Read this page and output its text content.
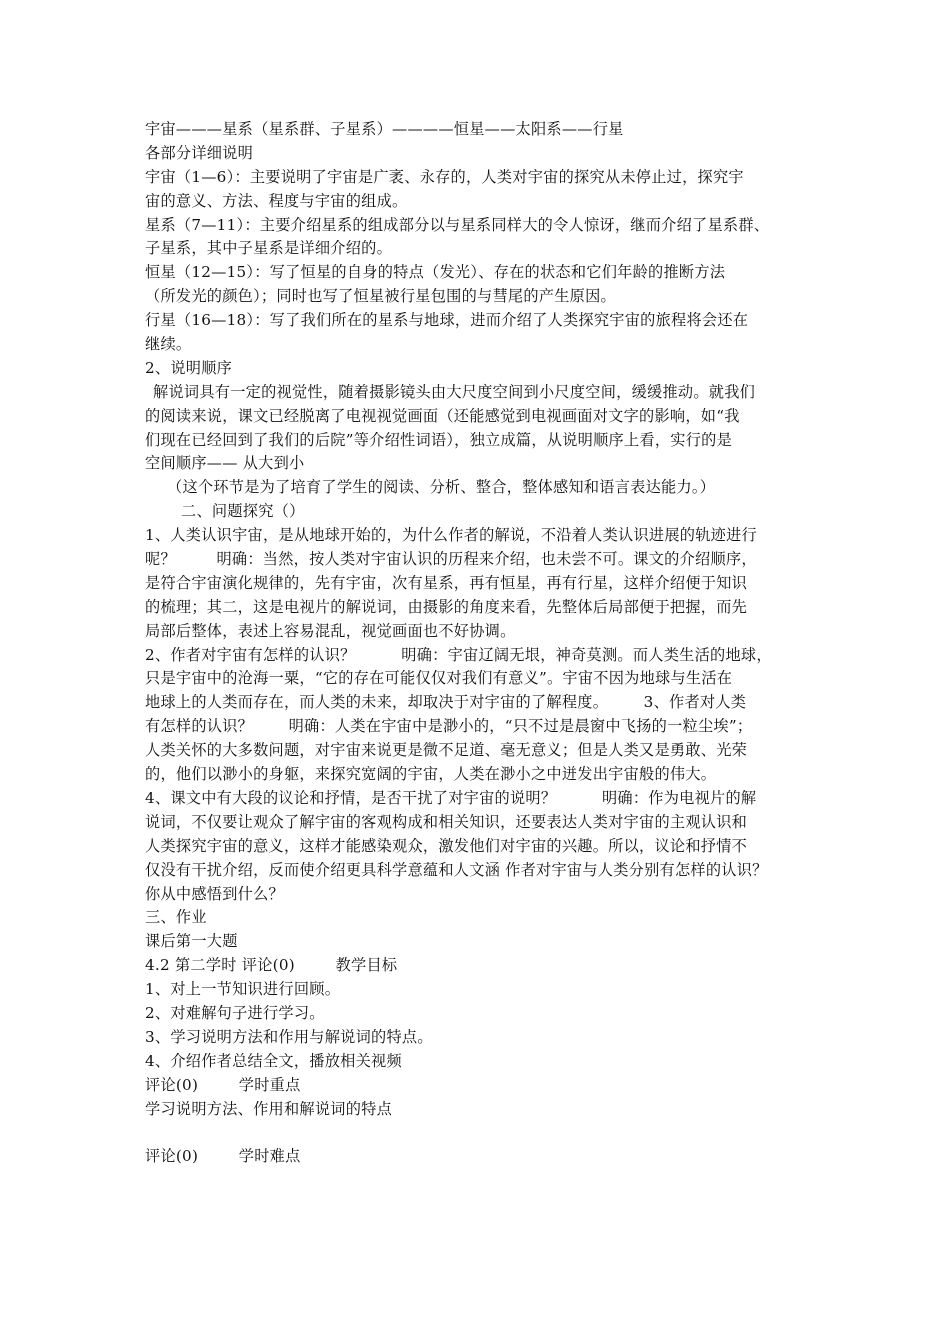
宇宙———星系（星系群、子星系）————恒星——太阳系——行星
各部分详细说明
宇宙（1—6）：主要说明了宇宙是广袤、永存的，人类对宇宙的探究从未停止过，探究宇
宙的意义、方法、程度与宇宙的组成。
星系（7—11）：主要介绍星系的组成部分以与星系同样大的令人惊讶，继而介绍了星系群、
子星系，其中子星系是详细介绍的。
恒星（12—15）：写了恒星的自身的特点（发光）、存在的状态和它们年龄的推断方法
（所发光的颜色）；同时也写了恒星被行星包围的与彗尾的产生原因。
行星（16—18）：写了我们所在的星系与地球，进而介绍了人类探究宇宙的旅程将会还在
继续。
2、说明顺序
解说词具有一定的视觉性，随着摄影镜头由大尺度空间到小尺度空间，缓缓推动。就我们
的阅读来说，课文已经脱离了电视视觉画面（还能感觉到电视画面对文字的影响，如“我
们现在已经回到了我们的后院”等介绍性词语），独立成篇，从说明顺序上看，实行的是
空间顺序—— 从大到小
（这个环节是为了培育了学生的阅读、分析、整合，整体感知和语言表达能力。）
二、问题探究（）
1、人类认识宇宙，是从地球开始的，为什么作者的解说，不沿着人类认识进展的轨迹进行
呢？        明确：当然，按人类对宇宙认识的历程来介绍，也未尝不可。课文的介绍顺序，
是符合宇宙演化规律的，先有宇宙，次有星系，再有恒星，再有行星，这样介绍便于知识
的梳理；其二，这是电视片的解说词，由摄影的角度来看，先整体后局部便于把握，而先
局部后整体，表述上容易混乱，视觉画面也不好协调。
2、作者对宇宙有怎样的认识？         明确：宇宙辽阔无垠，神奇莫测。而人类生活的地球，
只是宇宙中的沧海一粟，“它的存在可能仅仅对我们有意义”。宇宙不因为地球与生活在
地球上的人类而存在，而人类的未来，却取决于对宇宙的了解程度。       3、作者对人类
有怎样的认识？       明确：人类在宇宙中是渺小的，“只不过是晨窗中飞扬的一粒尘埃”；
人类关怀的大多数问题，对宇宙来说更是微不足道、毫无意义；但是人类又是勇敢、光荣
的，他们以渺小的身躯，来探究宽阔的宇宙，人类在渺小之中迸发出宇宙般的伟大。
4、课文中有大段的议论和抒情，是否干扰了对宇宙的说明？         明确：作为电视片的解
说词，不仅要让观众了解宇宙的客观构成和相关知识，还要表达人类对宇宙的主观认识和
人类探究宇宙的意义，这样才能感染观众，激发他们对宇宙的兴趣。所以，议论和抒情不
仅没有干扰介绍，反而使介绍更具科学意蕴和人文涵 作者对宇宙与人类分别有怎样的认识？
你从中感悟到什么？
三、作业
课后第一大题
4.2 第二学时 评论(0)        教学目标
1、对上一节知识进行回顾。
2、对难解句子进行学习。
3、学习说明方法和作用与解说词的特点。
4、介绍作者总结全文，播放相关视频
评论(0)        学时重点
学习说明方法、作用和解说词的特点
评论(0)        学时难点
